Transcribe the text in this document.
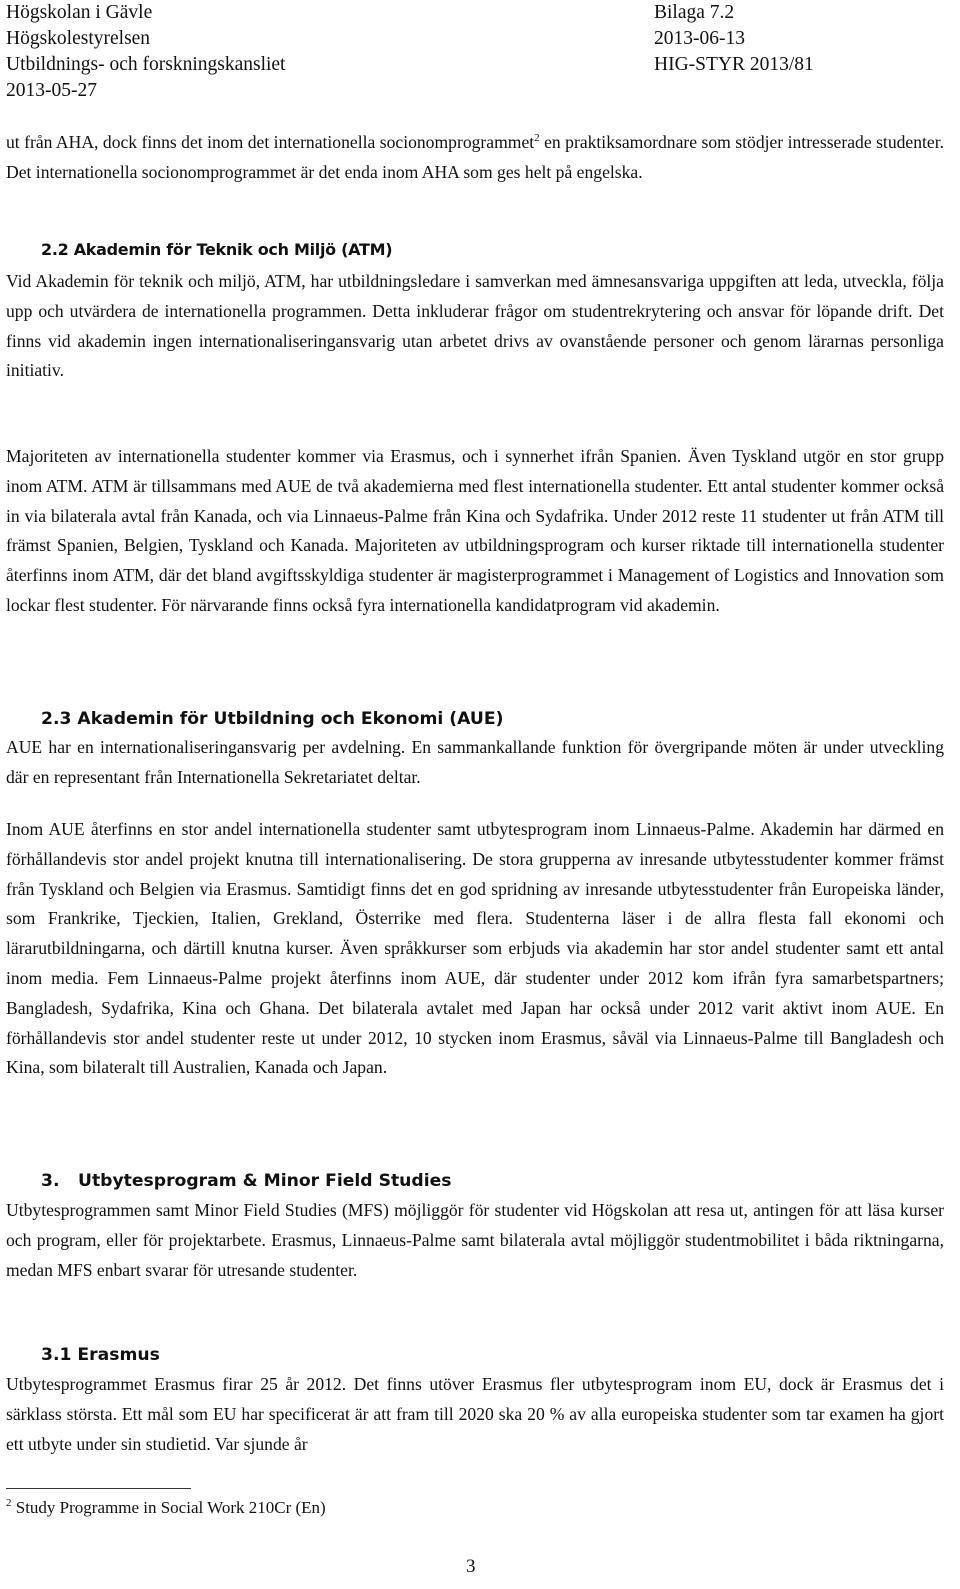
Högskolan i Gävle
Högskolestyrelsen
Utbildnings- och forskningskansliet
2013-05-27
Bilaga 7.2
2013-06-13
HIG-STYR 2013/81

ut från AHA, dock finns det inom det internationella socionomprogrammet$^2$ en praktiksamordnare som stödjer intresserade studenter. Det internationella socionomprogrammet är det enda inom AHA som ges helt på engelska.

2.2 Akademin för Teknik och Miljö (ATM)

Vid Akademin för teknik och miljö, ATM, har utbildningsledare i samverkan med ämnesansvariga uppgiften att leda, utveckla, följa upp och utvärdera de internationella programmen. Detta inkluderar frågor om studentrekrytering och ansvar för löpande drift. Det finns vid akademin ingen internationaliseringansvarig utan arbetet drivs av ovanstående personer och genom lärarnas personliga initiativ.

Majoriteten av internationella studenter kommer via Erasmus, och i synnerhet ifrån Spanien. Även Tyskland utgör en stor grupp inom ATM. ATM är tillsammans med AUE de två akademierna med flest internationella studenter. Ett antal studenter kommer också in via bilaterala avtal från Kanada, och via Linnaeus-Palme från Kina och Sydafrika. Under 2012 reste 11 studenter ut från ATM till främst Spanien, Belgien, Tyskland och Kanada. Majoriteten av utbildningsprogram och kurser riktade till internationella studenter återfinns inom ATM, där det bland avgiftsskyldiga studenter är magisterprogrammet i Management of Logistics and Innovation som lockar flest studenter. För närvarande finns också fyra internationella kandidatprogram vid akademin.

2.3 Akademin för Utbildning och Ekonomi (AUE)

AUE har en internationaliseringansvarig per avdelning. En sammankallande funktion för övergripande möten är under utveckling där en representant från Internationella Sekretariatet deltar.

Inom AUE återfinns en stor andel internationella studenter samt utbytesprogram inom Linnaeus-Palme. Akademin har därmed en förhållandevis stor andel projekt knutna till internationalisering. De stora grupperna av inresande utbytesstudenter kommer främst från Tyskland och Belgien via Erasmus. Samtidigt finns det en god spridning av inresande utbytesstudenter från Europeiska länder, som Frankrike, Tjeckien, Italien, Grekland, Österrike med flera. Studenterna läser i de allra flesta fall ekonomi och lärarutbildningarna, och därtill knutna kurser. Även språkkurser som erbjuds via akademin har stor andel studenter samt ett antal inom media. Fem Linnaeus-Palme projekt återfinns inom AUE, där studenter under 2012 kom ifrån fyra samarbetspartners; Bangladesh, Sydafrika, Kina och Ghana. Det bilaterala avtalet med Japan har också under 2012 varit aktivt inom AUE. En förhållandevis stor andel studenter reste ut under 2012, 10 stycken inom Erasmus, såväl via Linnaeus-Palme till Bangladesh och Kina, som bilateralt till Australien, Kanada och Japan.

3. Utbytesprogram & Minor Field Studies

Utbytesprogrammen samt Minor Field Studies (MFS) möjliggör för studenter vid Högskolan att resa ut, antingen för att läsa kurser och program, eller för projektarbete. Erasmus, Linnaeus-Palme samt bilaterala avtal möjliggör studentmobilitet i båda riktningarna, medan MFS enbart svarar för utresande studenter.

3.1 Erasmus

Utbytesprogrammet Erasmus firar 25 år 2012. Det finns utöver Erasmus fler utbytesprogram inom EU, dock är Erasmus det i särklass största. Ett mål som EU har specificerat är att fram till 2020 ska 20 % av alla europeiska studenter som tar examen ha gjort ett utbyte under sin studietid. Var sjunde år

$^2$ Study Programme in Social Work 210Cr (En)
3
